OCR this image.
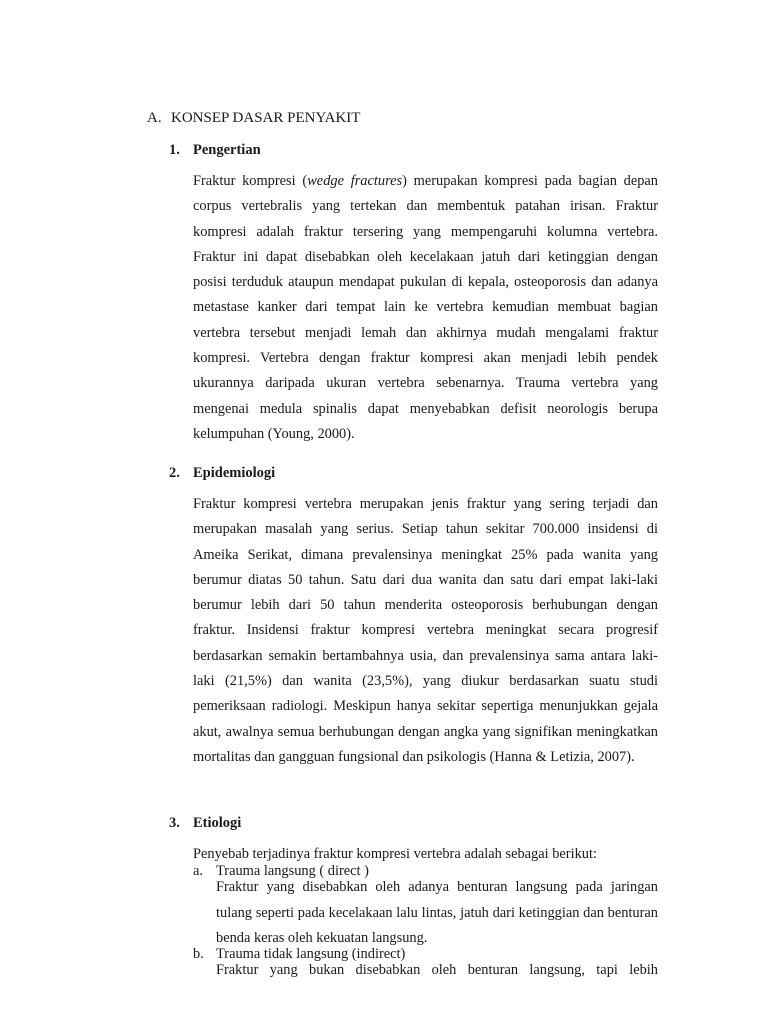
A. KONSEP DASAR PENYAKIT
1. Pengertian

Fraktur kompresi (wedge fractures) merupakan kompresi pada bagian depan corpus vertebralis yang tertekan dan membentuk patahan irisan. Fraktur kompresi adalah fraktur tersering yang mempengaruhi kolumna vertebra. Fraktur ini dapat disebabkan oleh kecelakaan jatuh dari ketinggian dengan posisi terduduk ataupun mendapat pukulan di kepala, osteoporosis dan adanya metastase kanker dari tempat lain ke vertebra kemudian membuat bagian vertebra tersebut menjadi lemah dan akhirnya mudah mengalami fraktur kompresi. Vertebra dengan fraktur kompresi akan menjadi lebih pendek ukurannya daripada ukuran vertebra sebenarnya. Trauma vertebra yang mengenai medula spinalis dapat menyebabkan defisit neorologis berupa kelumpuhan (Young, 2000).

2. Epidemiologi

Fraktur kompresi vertebra merupakan jenis fraktur yang sering terjadi dan merupakan masalah yang serius. Setiap tahun sekitar 700.000 insidensi di Ameika Serikat, dimana prevalensinya meningkat 25% pada wanita yang berumur diatas 50 tahun. Satu dari dua wanita dan satu dari empat laki-laki berumur lebih dari 50 tahun menderita osteoporosis berhubungan dengan fraktur. Insidensi fraktur kompresi vertebra meningkat secara progresif berdasarkan semakin bertambahnya usia, dan prevalensinya sama antara laki-laki (21,5%) dan wanita (23,5%), yang diukur berdasarkan suatu studi pemeriksaan radiologi. Meskipun hanya sekitar sepertiga menunjukkan gejala akut, awalnya semua berhubungan dengan angka yang signifikan meningkatkan mortalitas dan gangguan fungsional dan psikologis (Hanna & Letizia, 2007).

3. Etiologi
Penyebab terjadinya fraktur kompresi vertebra adalah sebagai berikut:
a. Trauma langsung ( direct )

Fraktur yang disebabkan oleh adanya benturan langsung pada jaringan tulang seperti pada kecelakaan lalu lintas, jatuh dari ketinggian dan benturan benda keras oleh kekuatan langsung.

b. Trauma tidak langsung (indirect)

Fraktur yang bukan disebabkan oleh benturan langsung, tapi lebih
